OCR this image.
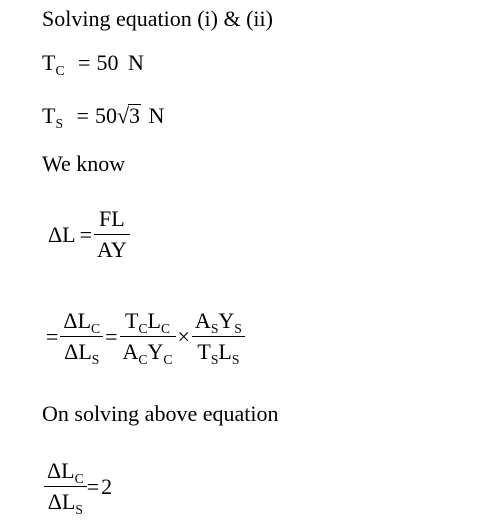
Solving equation (i) & (ii)
$T_C = 50$ N
$T_S = 50√3$ N
We know
$\Delta L = \frac{FL}{AY}$
= $\frac{\Delta L_C}{\Delta L_S} = \frac{T_CL_C}{A_CY_C} \times \frac{A_SY_S}{T_SL_S}$
On solving above equation
$\frac{\Delta L_C}{\Delta L_S} =2$
